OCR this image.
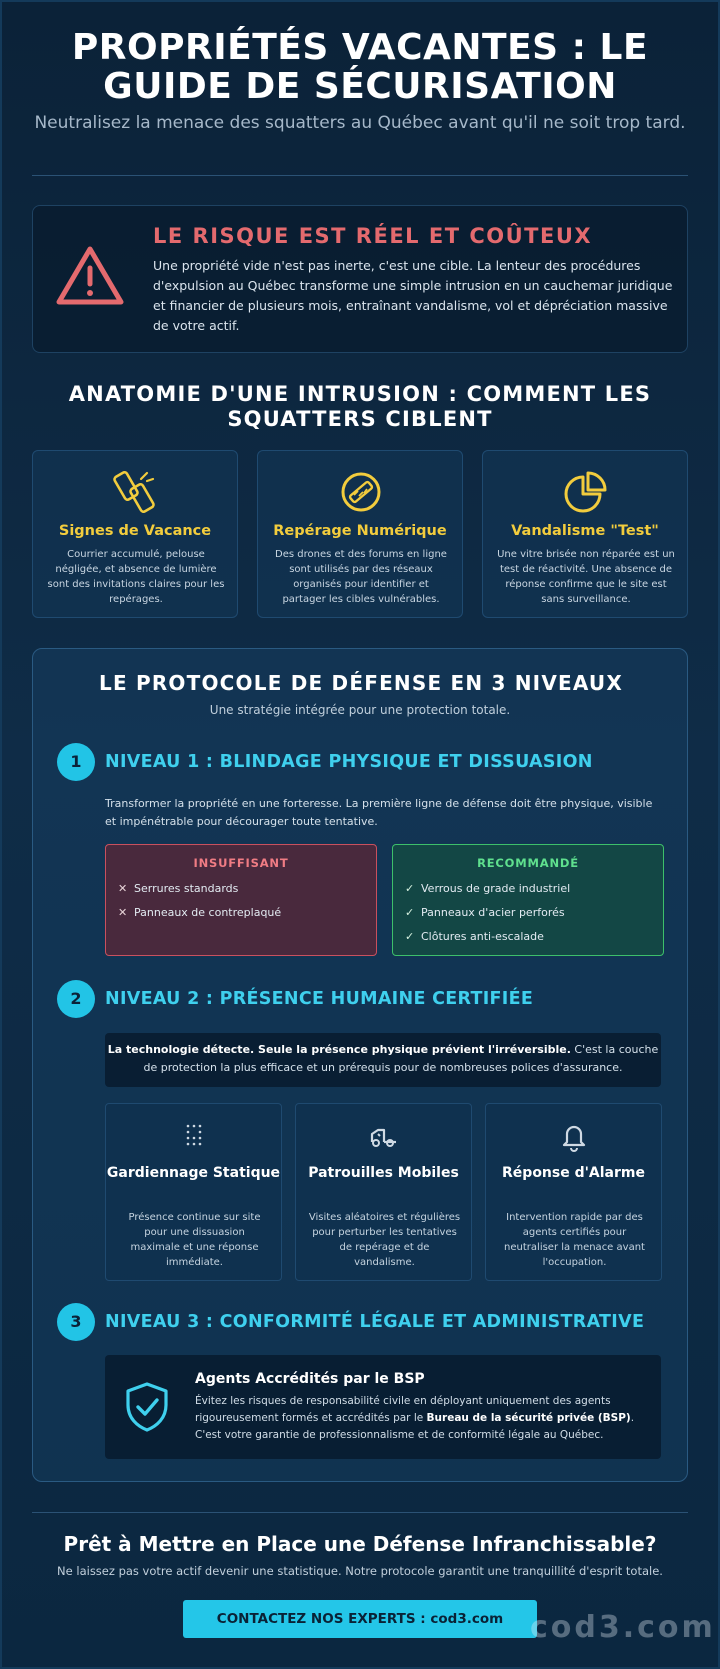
PROPRIÉTÉS VACANTES : LE GUIDE DE SÉCURISATION

Neutralisez la menace des squatters au Québec avant qu'il ne soit trop tard.

LE RISQUE EST RÉEL ET COÛTEUX

Une propriété vide n'est pas inerte, c'est une cible. La lenteur des procédures d'expulsion au Québec transforme une simple intrusion en un cauchemar juridique et financier de plusieurs mois, entraînant vandalisme, vol et dépréciation massive de votre actif.

ANATOMIE D'UNE INTRUSION : COMMENT LES SQUATTERS CIBLENT
Signes de Vacance

Courrier accumulé, pelouse négligée, et absence de lumière sont des invitations claires pour les repérages.

Repérage Numérique

Des drones et des forums en ligne sont utilisés par des réseaux organisés pour identifier et partager les cibles vulnérables.

Vandalisme "Test"

Une vitre brisée non réparée est un test de réactivité. Une absence de réponse confirme que le site est sans surveillance.

LE PROTOCOLE DE DÉFENSE EN 3 NIVEAUX

Une stratégie intégrée pour une protection totale.

1	NIVEAU 1 : BLINDAGE PHYSIQUE ET DISSUASION

Transformer la propriété en une forteresse. La première ligne de défense doit être physique, visible et impénétrable pour décourager toute tentative.

INSUFFISANT
✕ Serrures standards
✕ Panneaux de contreplaqué
RECOMMANDÉ
✓ Verrous de grade industriel
✓ Panneaux d'acier perforés
✓ Clôtures anti-escalade
2	NIVEAU 2 : PRÉSENCE HUMAINE CERTIFIÉE
La technologie détecte. Seule la présence physique prévient l'irréversible. C'est la couche de protection la plus efficace et un prérequis pour de nombreuses polices d'assurance.
Gardiennage Statique

Présence continue sur site pour une dissuasion maximale et une réponse immédiate.

Patrouilles Mobiles

Visites aléatoires et régulières pour perturber les tentatives de repérage et de vandalisme.

Réponse d'Alarme

Intervention rapide par des agents certifiés pour neutraliser la menace avant l'occupation.

3	NIVEAU 3 : CONFORMITÉ LÉGALE ET ADMINISTRATIVE
Agents Accrédités par le BSP

Évitez les risques de responsabilité civile en déployant uniquement des agents rigoureusement formés et accrédités par le Bureau de la sécurité privée (BSP). C'est votre garantie de professionnalisme et de conformité légale au Québec.

Prêt à Mettre en Place une Défense Infranchissable?

Ne laissez pas votre actif devenir une statistique. Notre protocole garantit une tranquillité d'esprit totale.

CONTACTEZ NOS EXPERTS : cod3.com cod3.com
